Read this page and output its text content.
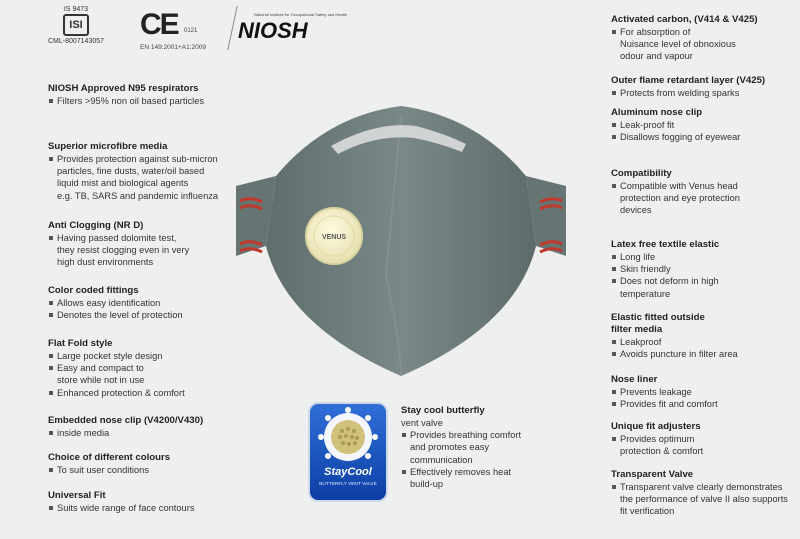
IS 9473
ISI
CML-8007143057
CE	0121
EN 149:2001+A1:2009
National Institute for Occupational Safety and Health
NIOSH
NIOSH Approved N95 respirators
Filters >95% non oil based particles
Superior microfibre media
Provides protection against sub-micron
particles, fine dusts, water/oil based
liquid mist and biological agents
e.g. TB, SARS and pandemic influenza
Anti Clogging (NR D)
Having passed dolomite test,
they resist clogging even in very
high dust environments
Color coded fittings
Allows easy identification
Denotes the level of protection
Flat Fold style
Large pocket style design
Easy and compact to
store while not in use
Enhanced protection & comfort
Embedded nose clip (V4200/V430)
inside media
Choice of different colours
To suit user conditions
Universal Fit
Suits wide range of face contours
Activated carbon, (V414 & V425)
For absorption of
Nuisance level of obnoxious
odour and vapour
Outer flame retardant layer (V425)
Protects from welding sparks
Aluminum nose clip
Leak-proof fit
Disallows fogging of eyewear
Compatibility
Compatible with Venus head
protection and eye protection
devices
Latex free textile elastic
Long life
Skin friendly
Does not deform in high
temperature
Elastic fitted outside
filter media
Leakproof
Avoids puncture in filter area
Nose liner
Prevents leakage
Provides fit and comfort
Unique fit adjusters
Provides optimum
protection & comfort
Transparent Valve
Transparent valve clearly demonstrates
the performance of valve II also supports
fit verification
VENUS
StayCool
BUTTERFLY VENT VALVE
Stay cool butterfly
vent valve
Provides breathing comfort
and promotes easy
communication
Effectively removes heat
build-up
